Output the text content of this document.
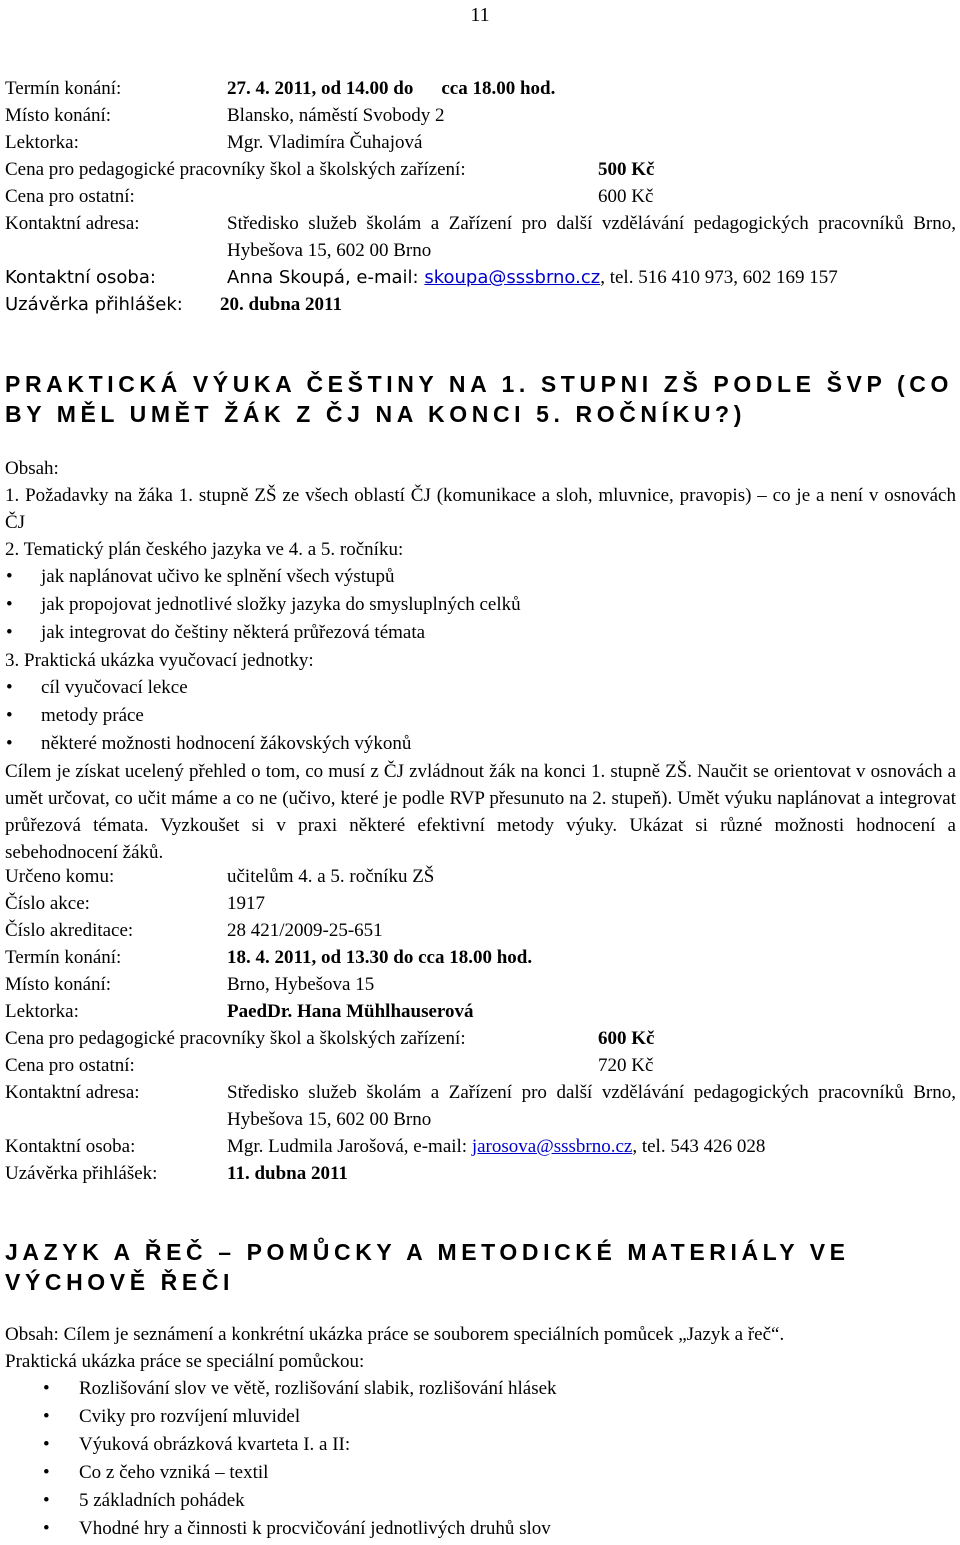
11
Termín konání:	27. 4. 2011, od 14.00 do cca 18.00 hod.
Místo konání:	Blansko, náměstí Svobody 2
Lektorka:	Mgr. Vladimíra Čuhajová
Cena pro pedagogické pracovníky škol a školských zařízení:	500 Kč
Cena pro ostatní:	600 Kč
Kontaktní adresa:	Středisko služeb školám a Zařízení pro další vzdělávání pedagogických pracovníků Brno, Hybešova 15, 602 00 Brno
Kontaktní osoba:	Anna Skoupá, e-mail: skoupa@sssbrno.cz, tel. 516 410 973, 602 169 157
Uzávěrka přihlášek: 20. dubna 2011
PRAKTICKÁ VÝUKA ČEŠTINY NA 1. STUPNI ZŠ PODLE ŠVP (CO
BY MĚL UMĚT ŽÁK Z ČJ NA KONCI 5. ROČNÍKU?)
Obsah:

1. Požadavky na žáka 1. stupně ZŠ ze všech oblastí ČJ (komunikace a sloh, mluvnice, pravopis) – co je a není v osnovách ČJ

2. Tematický plán českého jazyka ve 4. a 5. ročníku:
• jak naplánovat učivo ke splnění všech výstupů
• jak propojovat jednotlivé složky jazyka do smysluplných celků
• jak integrovat do češtiny některá průřezová témata
3. Praktická ukázka vyučovací jednotky:
• cíl vyučovací lekce
• metody práce
• některé možnosti hodnocení žákovských výkonů

Cílem je získat ucelený přehled o tom, co musí z ČJ zvládnout žák na konci 1. stupně ZŠ. Naučit se orientovat v osnovách a umět určovat, co učit máme a co ne (učivo, které je podle RVP přesunuto na 2. stupeň). Umět výuku naplánovat a integrovat průřezová témata. Vyzkoušet si v praxi některé efektivní metody výuky. Ukázat si různé možnosti hodnocení a sebehodnocení žáků.

Určeno komu:	učitelům 4. a 5. ročníku ZŠ
Číslo akce:	1917
Číslo akreditace:	28 421/2009-25-651
Termín konání:	18. 4. 2011, od 13.30 do cca 18.00 hod.
Místo konání:	Brno, Hybešova 15
Lektorka:	PaedDr. Hana Mühlhauserová
Cena pro pedagogické pracovníky škol a školských zařízení:	600 Kč
Cena pro ostatní:	720 Kč
Kontaktní adresa:	Středisko služeb školám a Zařízení pro další vzdělávání pedagogických pracovníků Brno, Hybešova 15, 602 00 Brno
Kontaktní osoba:	Mgr. Ludmila Jarošová, e-mail: jarosova@sssbrno.cz, tel. 543 426 028
Uzávěrka přihlášek:	11. dubna 2011
JAZYK A ŘEČ – POMŮCKY A METODICKÉ MATERIÁLY VE
VÝCHOVĚ ŘEČI
Obsah: Cílem je seznámení a konkrétní ukázka práce se souborem speciálních pomůcek „Jazyk a řeč“.
Praktická ukázka práce se speciální pomůckou:
• Rozlišování slov ve větě, rozlišování slabik, rozlišování hlásek
• Cviky pro rozvíjení mluvidel
• Výuková obrázková kvarteta I. a II:
• Co z čeho vzniká – textil
• 5 základních pohádek
• Vhodné hry a činnosti k procvičování jednotlivých druhů slov
